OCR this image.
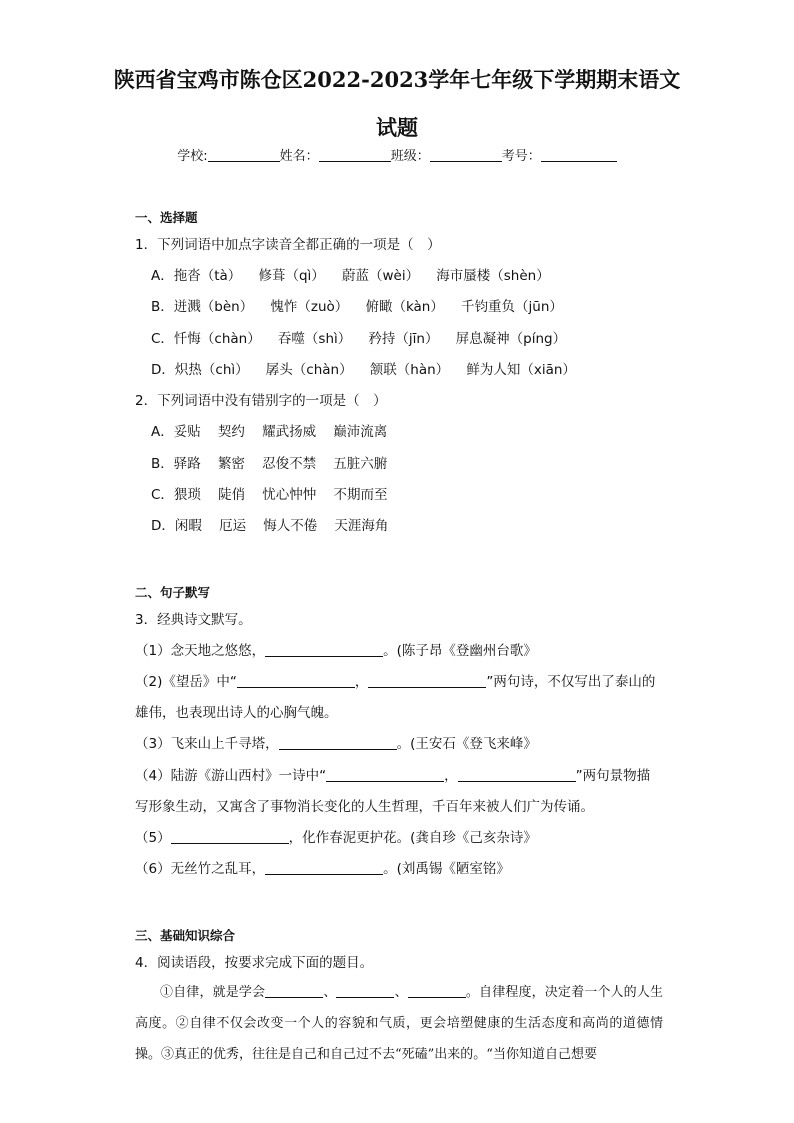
陕西省宝鸡市陈仓区2022-2023学年七年级下学期期末语文
试题
学校:	姓名：	班级：	考号：
一、选择题
1．下列词语中加点字读音全都正确的一项是（　）
A．拖沓（tà） 修葺（qì） 蔚蓝（wèi） 海市蜃楼（shèn）
B．迸溅（bèn） 愧怍（zuò） 俯瞰（kàn） 千钧重负（jūn）
C．忏悔（chàn） 吞噬（shì） 矜持（jīn） 屏息凝神（píng）
D．炽热（chì） 孱头（chàn） 颔联（hàn） 鲜为人知（xiān）
2．下列词语中没有错别字的一项是（　）
A．妥贴 契约 耀武扬威 巅沛流离
B．驿路 繁密 忍俊不禁 五脏六腑
C．猥琐 陡俏 忧心忡忡 不期而至
D．闲暇 厄运 悔人不倦 天涯海角
二、句子默写
3．经典诗文默写。
（1）念天地之悠悠，	。(陈子昂《登幽州台歌》
（2)《望岳》中“	，	”两句诗，不仅写出了泰山的
雄伟，也表现出诗人的心胸气魄。
（3）飞来山上千寻塔，	。(王安石《登飞来峰》
（4）陆游《游山西村》一诗中“	，	”两句景物描
写形象生动，又寓含了事物消长变化的人生哲理，千百年来被人们广为传诵。
（5）	，化作春泥更护花。(龚自珍《己亥杂诗》
（6）无丝竹之乱耳，	。(刘禹锡《陋室铭》
三、基础知识综合
4．阅读语段，按要求完成下面的题目。
①自律，就是学会	、	、	。自律程度，决定着一个人的人生高度。②自律不仅会改变一个人的容貌和气质，更会培塑健康的生活态度和高尚的道德情操。③真正的优秀，往往是自己和自己过不去“死磕”出来的。“当你知道自己想要
